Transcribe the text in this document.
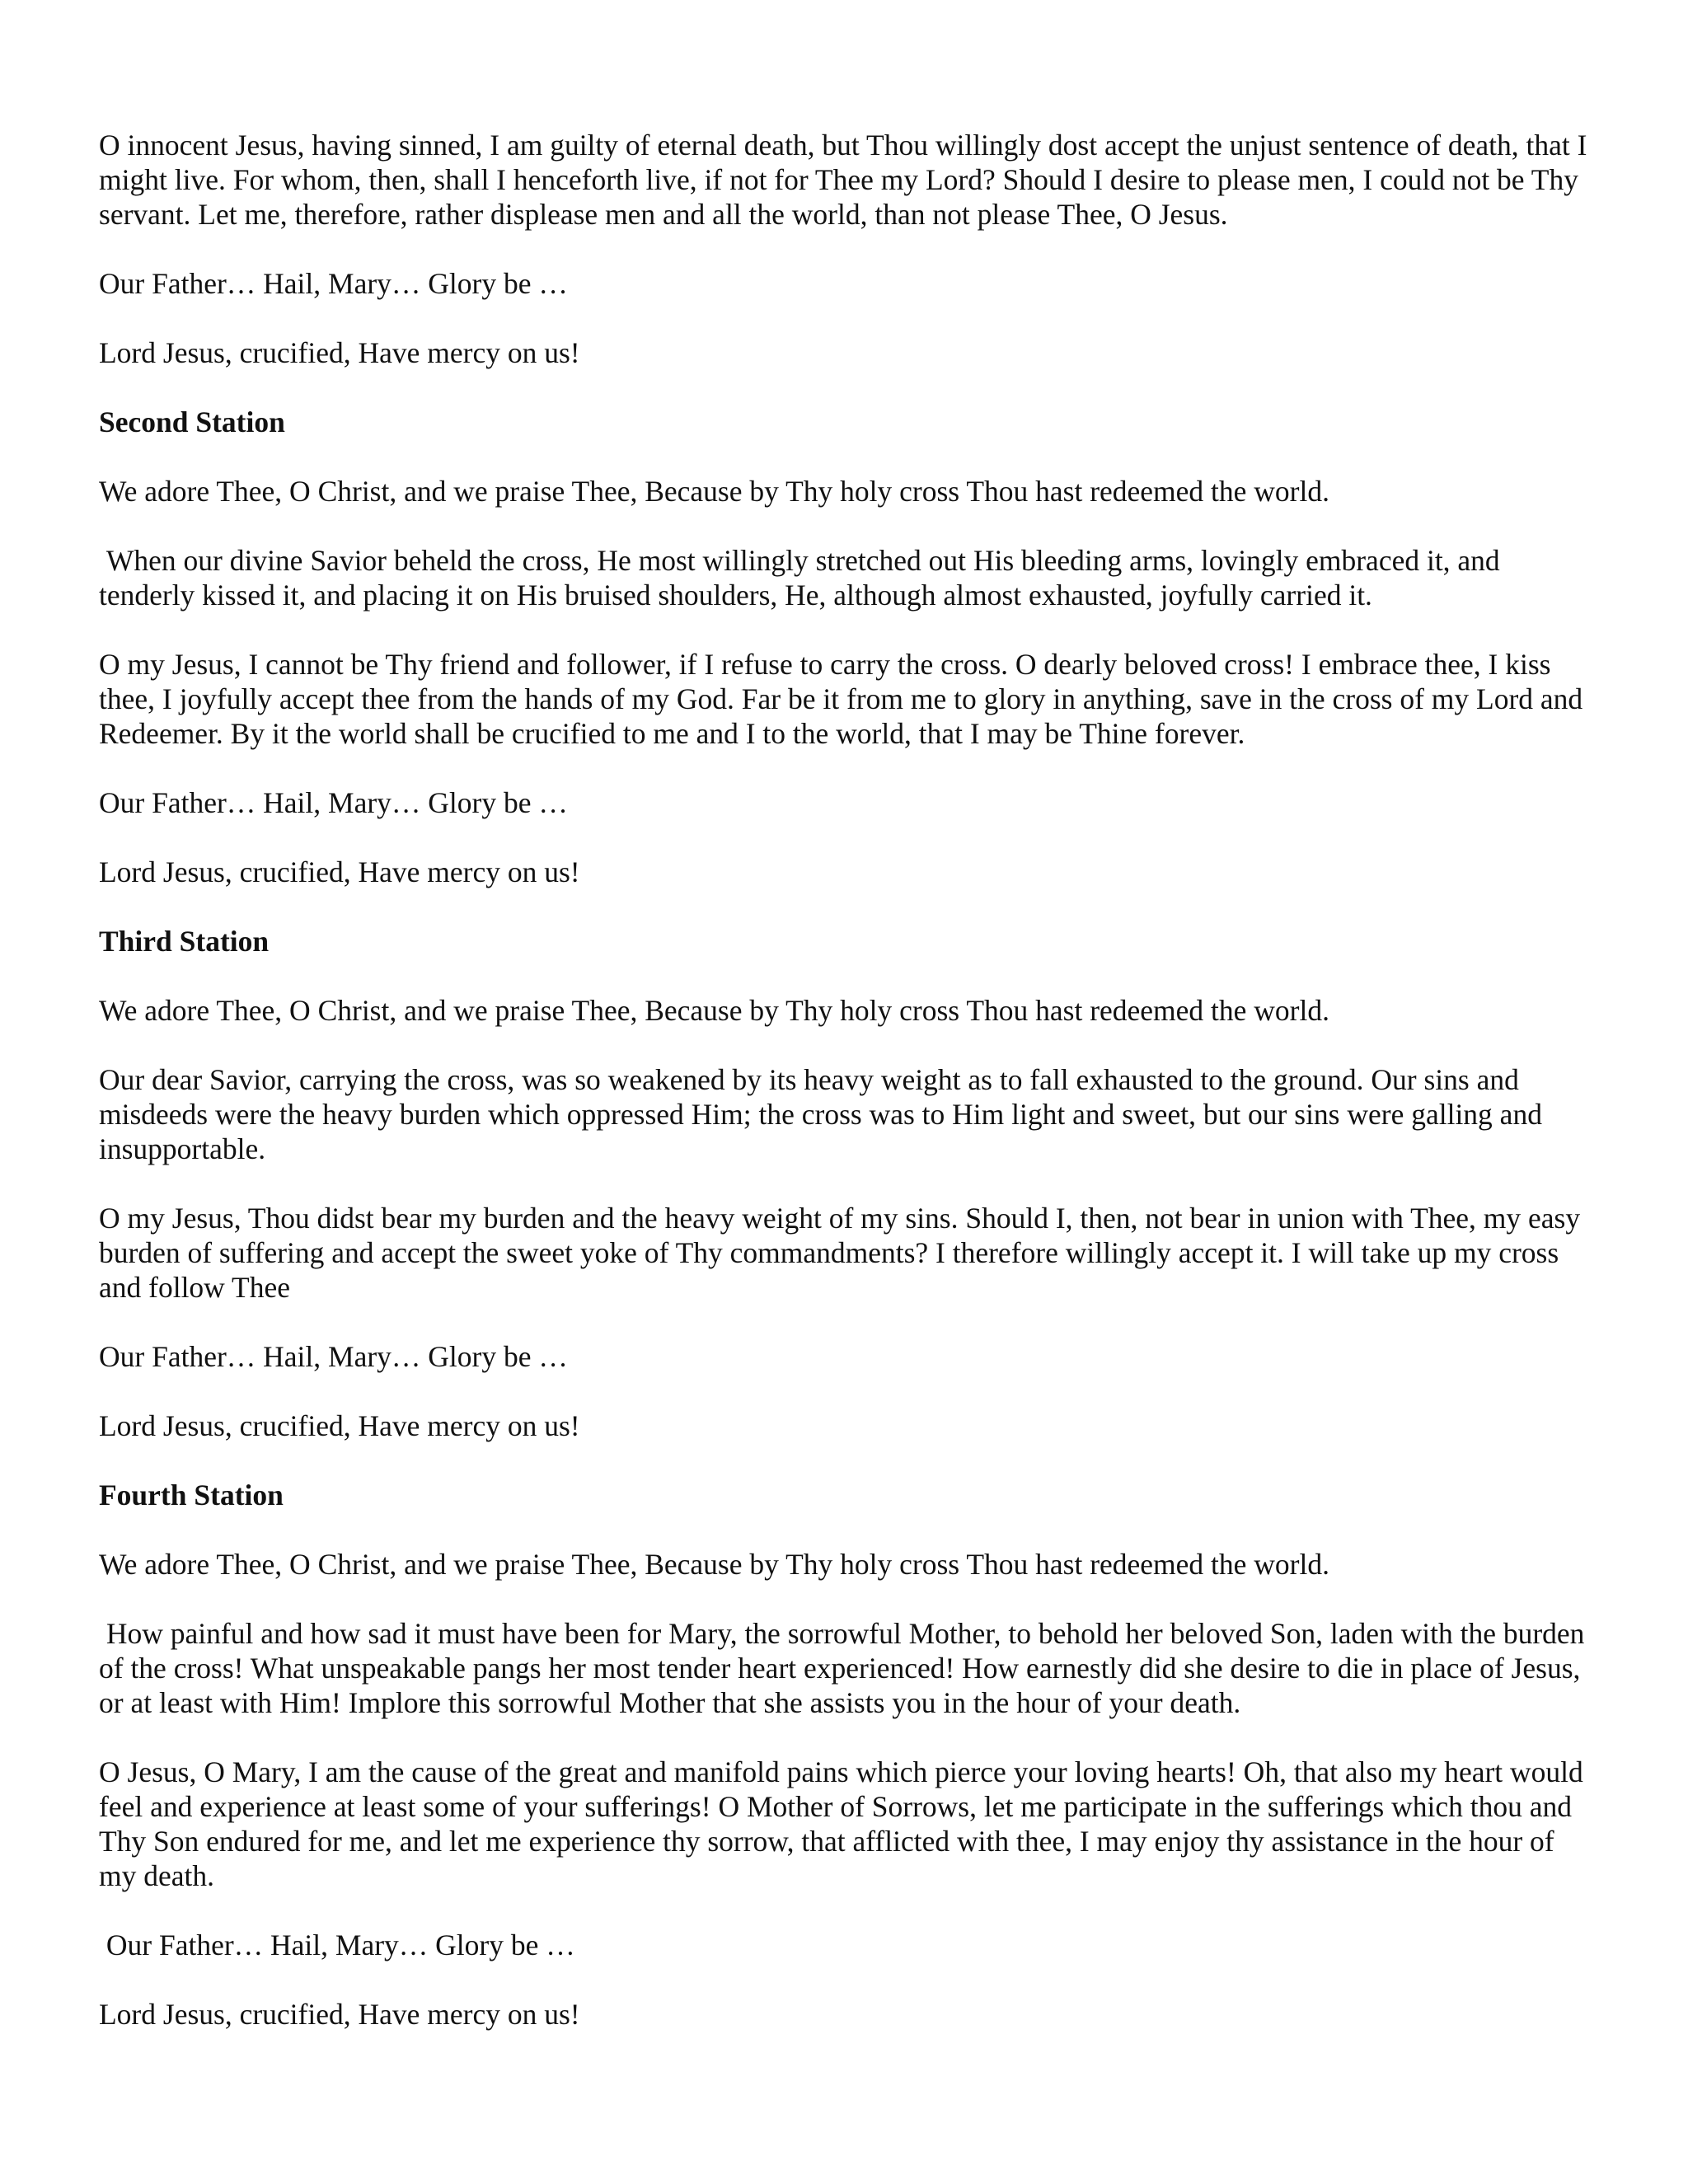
O innocent Jesus, having sinned, I am guilty of eternal death, but Thou willingly dost accept the unjust sentence of death, that I might live. For whom, then, shall I henceforth live, if not for Thee my Lord? Should I desire to please men, I could not be Thy servant. Let me, therefore, rather displease men and all the world, than not please Thee, O Jesus.

Our Father… Hail, Mary… Glory be …

Lord Jesus, crucified, Have mercy on us!

Second Station

We adore Thee, O Christ, and we praise Thee, Because by Thy holy cross Thou hast redeemed the world.

When our divine Savior beheld the cross, He most willingly stretched out His bleeding arms, lovingly embraced it, and tenderly kissed it, and placing it on His bruised shoulders, He, although almost exhausted, joyfully carried it.

O my Jesus, I cannot be Thy friend and follower, if I refuse to carry the cross. O dearly beloved cross! I embrace thee, I kiss thee, I joyfully accept thee from the hands of my God. Far be it from me to glory in anything, save in the cross of my Lord and Redeemer. By it the world shall be crucified to me and I to the world, that I may be Thine forever.

Our Father… Hail, Mary… Glory be …

Lord Jesus, crucified, Have mercy on us!

Third Station

We adore Thee, O Christ, and we praise Thee, Because by Thy holy cross Thou hast redeemed the world.

Our dear Savior, carrying the cross, was so weakened by its heavy weight as to fall exhausted to the ground. Our sins and misdeeds were the heavy burden which oppressed Him; the cross was to Him light and sweet, but our sins were galling and insupportable.

O my Jesus, Thou didst bear my burden and the heavy weight of my sins. Should I, then, not bear in union with Thee, my easy burden of suffering and accept the sweet yoke of Thy commandments? I therefore willingly accept it. I will take up my cross and follow Thee

Our Father… Hail, Mary… Glory be …

Lord Jesus, crucified, Have mercy on us!

Fourth Station

We adore Thee, O Christ, and we praise Thee, Because by Thy holy cross Thou hast redeemed the world.

How painful and how sad it must have been for Mary, the sorrowful Mother, to behold her beloved Son, laden with the burden of the cross! What unspeakable pangs her most tender heart experienced! How earnestly did she desire to die in place of Jesus, or at least with Him! Implore this sorrowful Mother that she assists you in the hour of your death.

O Jesus, O Mary, I am the cause of the great and manifold pains which pierce your loving hearts! Oh, that also my heart would feel and experience at least some of your sufferings! O Mother of Sorrows, let me participate in the sufferings which thou and Thy Son endured for me, and let me experience thy sorrow, that afflicted with thee, I may enjoy thy assistance in the hour of my death.

Our Father… Hail, Mary… Glory be …

Lord Jesus, crucified, Have mercy on us!
